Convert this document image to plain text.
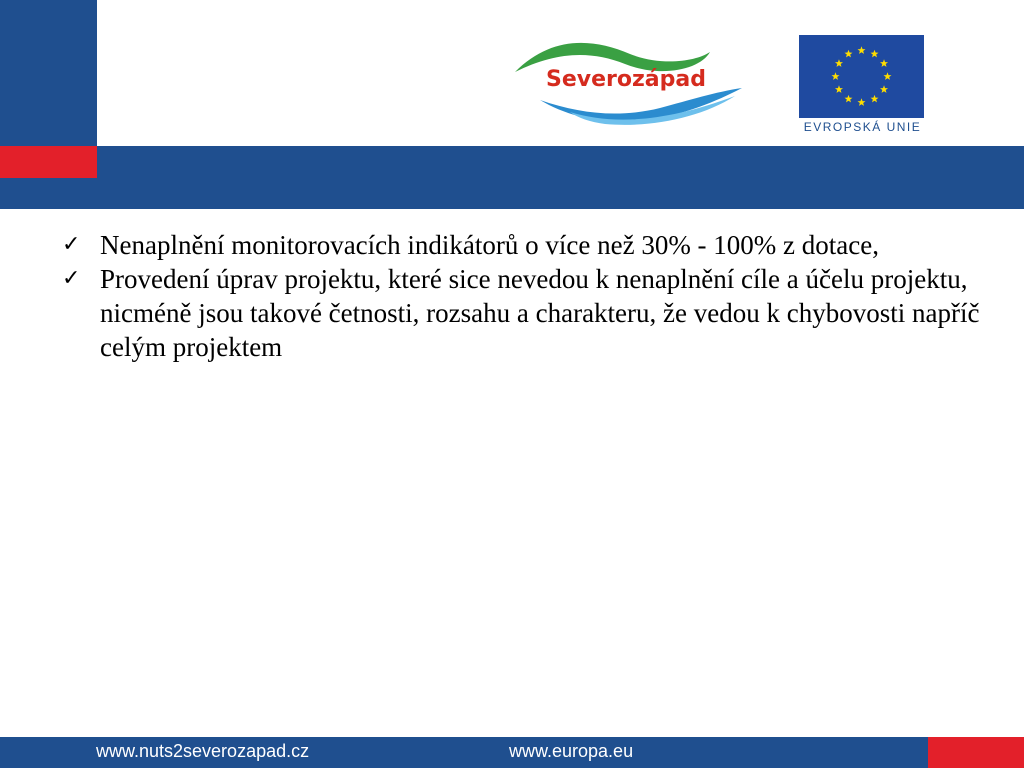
Severozápad
EVROPSKÁ UNIE
✓ Nenaplnění monitorovacích indikátorů o více než 30% - 100% z dotace,
✓ Provedení úprav projektu, které sice nevedou k nenaplnění cíle a účelu projektu, nicméně jsou takové četnosti, rozsahu a charakteru, že vedou k chybovosti napříč celým projektem
www.nuts2severozapad.cz	www.europa.eu
